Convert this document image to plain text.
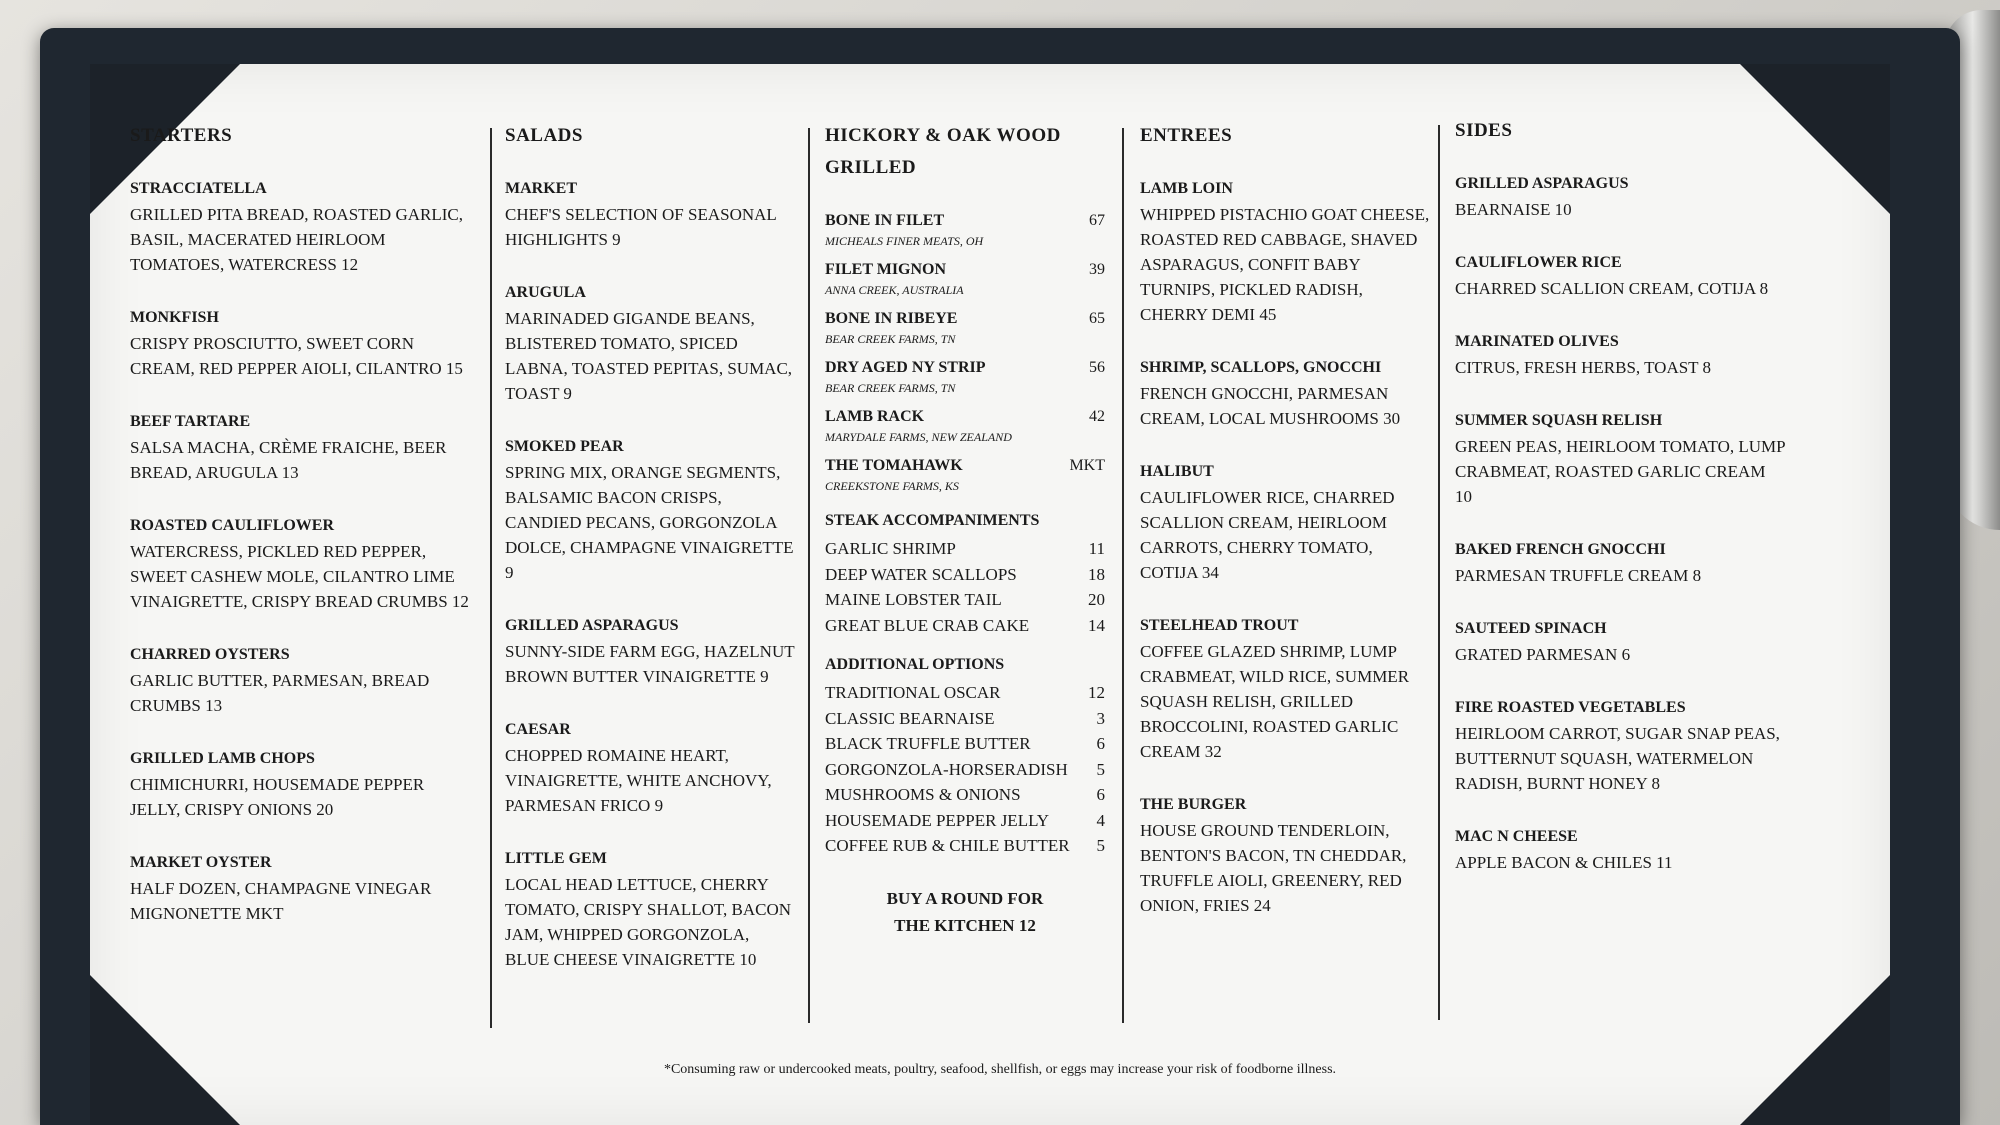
STARTERS
STRACCIATELLA
GRILLED PITA BREAD, ROASTED GARLIC, BASIL, MACERATED HEIRLOOM TOMATOES, WATERCRESS 12
MONKFISH
CRISPY PROSCIUTTO, SWEET CORN CREAM, RED PEPPER AIOLI, CILANTRO 15
BEEF TARTARE
SALSA MACHA, CRÈME FRAICHE, BEER BREAD, ARUGULA 13
ROASTED CAULIFLOWER
WATERCRESS, PICKLED RED PEPPER, SWEET CASHEW MOLE, CILANTRO LIME VINAIGRETTE, CRISPY BREAD CRUMBS 12
CHARRED OYSTERS
GARLIC BUTTER, PARMESAN, BREAD CRUMBS 13
GRILLED LAMB CHOPS
CHIMICHURRI, HOUSEMADE PEPPER JELLY, CRISPY ONIONS 20
MARKET OYSTER
HALF DOZEN, CHAMPAGNE VINEGAR MIGNONETTE MKT
SALADS
MARKET
CHEF'S SELECTION OF SEASONAL HIGHLIGHTS 9
ARUGULA
MARINADED GIGANDE BEANS, BLISTERED TOMATO, SPICED LABNA, TOASTED PEPITAS, SUMAC, TOAST 9
SMOKED PEAR
SPRING MIX, ORANGE SEGMENTS, BALSAMIC BACON CRISPS, CANDIED PECANS, GORGONZOLA DOLCE, CHAMPAGNE VINAIGRETTE 9
GRILLED ASPARAGUS
SUNNY-SIDE FARM EGG, HAZELNUT BROWN BUTTER VINAIGRETTE 9
CAESAR
CHOPPED ROMAINE HEART, VINAIGRETTE, WHITE ANCHOVY, PARMESAN FRICO 9
LITTLE GEM
LOCAL HEAD LETTUCE, CHERRY TOMATO, CRISPY SHALLOT, BACON JAM, WHIPPED GORGONZOLA, BLUE CHEESE VINAIGRETTE 10
HICKORY & OAK WOOD GRILLED
BONE IN FILET	67
MICHEALS FINER MEATS, OH
FILET MIGNON	39
ANNA CREEK, AUSTRALIA
BONE IN RIBEYE	65
BEAR CREEK FARMS, TN
DRY AGED NY STRIP	56
BEAR CREEK FARMS, TN
LAMB RACK	42
MARYDALE FARMS, NEW ZEALAND
THE TOMAHAWK	MKT
CREEKSTONE FARMS, KS
STEAK ACCOMPANIMENTS
GARLIC SHRIMP	11
DEEP WATER SCALLOPS	18
MAINE LOBSTER TAIL	20
GREAT BLUE CRAB CAKE	14
ADDITIONAL OPTIONS
TRADITIONAL OSCAR	12
CLASSIC BEARNAISE	3
BLACK TRUFFLE BUTTER	6
GORGONZOLA-HORSERADISH 5
MUSHROOMS & ONIONS	6
HOUSEMADE PEPPER JELLY	4
COFFEE RUB & CHILE BUTTER 5
BUY A ROUND FOR
THE KITCHEN 12
ENTREES
LAMB LOIN
WHIPPED PISTACHIO GOAT CHEESE, ROASTED RED CABBAGE, SHAVED ASPARAGUS, CONFIT BABY TURNIPS, PICKLED RADISH, CHERRY DEMI 45
SHRIMP, SCALLOPS, GNOCCHI
FRENCH GNOCCHI, PARMESAN CREAM, LOCAL MUSHROOMS 30
HALIBUT
CAULIFLOWER RICE, CHARRED SCALLION CREAM, HEIRLOOM CARROTS, CHERRY TOMATO, COTIJA 34
STEELHEAD TROUT
COFFEE GLAZED SHRIMP, LUMP CRABMEAT, WILD RICE, SUMMER SQUASH RELISH, GRILLED BROCCOLINI, ROASTED GARLIC CREAM 32
THE BURGER
HOUSE GROUND TENDERLOIN, BENTON'S BACON, TN CHEDDAR, TRUFFLE AIOLI, GREENERY, RED ONION, FRIES 24
SIDES
GRILLED ASPARAGUS
BEARNAISE 10
CAULIFLOWER RICE
CHARRED SCALLION CREAM, COTIJA 8
MARINATED OLIVES
CITRUS, FRESH HERBS, TOAST 8
SUMMER SQUASH RELISH
GREEN PEAS, HEIRLOOM TOMATO, LUMP CRABMEAT, ROASTED GARLIC CREAM 10
BAKED FRENCH GNOCCHI
PARMESAN TRUFFLE CREAM 8
SAUTEED SPINACH
GRATED PARMESAN 6
FIRE ROASTED VEGETABLES
HEIRLOOM CARROT, SUGAR SNAP PEAS, BUTTERNUT SQUASH, WATERMELON RADISH, BURNT HONEY 8
MAC N CHEESE
APPLE BACON & CHILES 11
*Consuming raw or undercooked meats, poultry, seafood, shellfish, or eggs may increase your risk of foodborne illness.
